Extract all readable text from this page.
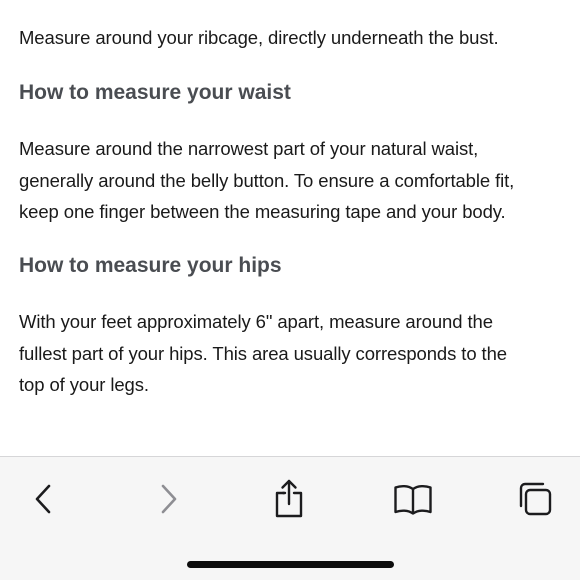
Measure around your ribcage, directly underneath the bust.

How to measure your waist

Measure around the narrowest part of your natural waist,
generally around the belly button. To ensure a comfortable fit,
keep one finger between the measuring tape and your body.

How to measure your hips

With your feet approximately 6" apart, measure around the
fullest part of your hips. This area usually corresponds to the
top of your legs.
